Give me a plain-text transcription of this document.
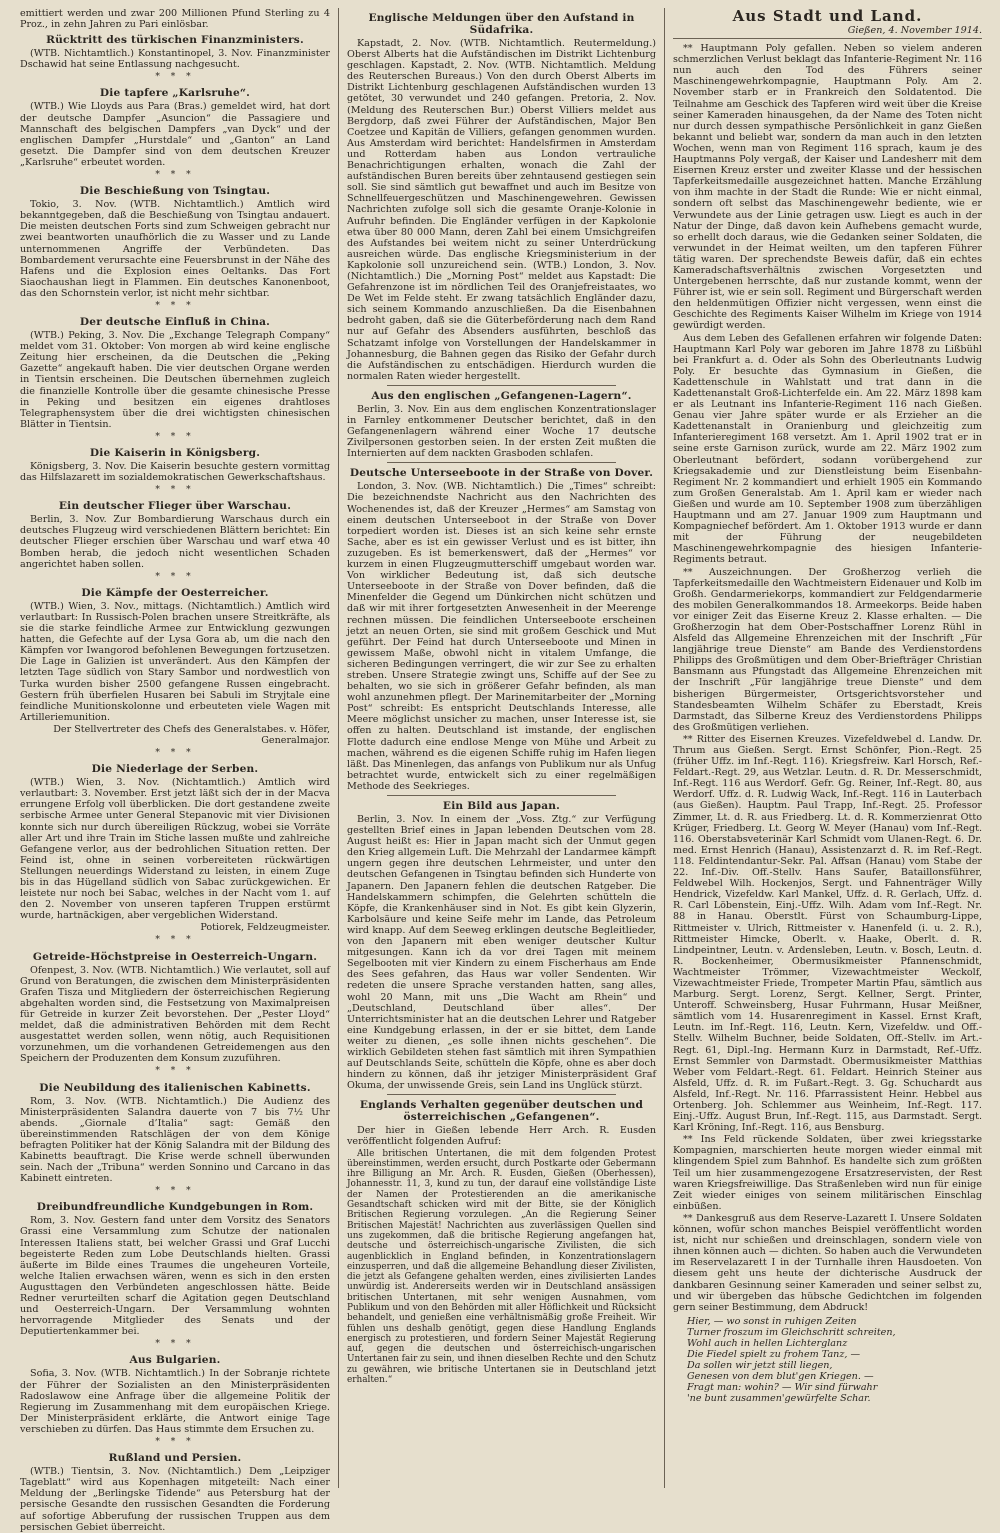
emittiert werden und zwar 200 Millionen Pfund Sterling zu 4 Proz., in zehn Jahren zu Pari einlösbar.

Rücktritt des türkischen Finanzministers.

(WTB. Nichtamtlich.) Konstantinopel, 3. Nov. Finanzminister Dschawid hat seine Entlassung nachgesucht.

* * *
Die tapfere „Karlsruhe“.

(WTB.) Wie Lloyds aus Para (Bras.) gemeldet wird, hat dort der deutsche Dampfer „Asuncion“ die Passagiere und Mannschaft des belgischen Dampfers „van Dyck“ und der englischen Dampfer „Hurstdale“ und „Ganton“ an Land gesetzt. Die Dampfer sind von dem deutschen Kreuzer „Karlsruhe“ erbeutet worden.

* * *
Die Beschießung von Tsingtau.

Tokio, 3. Nov. (WTB. Nichtamtlich.) Amtlich wird bekanntgegeben, daß die Beschießung von Tsingtau andauert. Die meisten deutschen Forts sind zum Schweigen gebracht nur zwei beantworten unaufhörlich die zu Wasser und zu Lande unternommenen Angriffe der Verbündeten. Das Bombardement verursachte eine Feuersbrunst in der Nähe des Hafens und die Explosion eines Oeltanks. Das Fort Siaochaushan liegt in Flammen. Ein deutsches Kanonenboot, das den Schornstein verlor, ist nicht mehr sichtbar.

* * *
Der deutsche Einfluß in China.

(WTB.) Peking, 3. Nov. Die „Exchange Telegraph Company“ meldet vom 31. Oktober: Von morgen ab wird keine englische Zeitung hier erscheinen, da die Deutschen die „Peking Gazette“ angekauft haben. Die vier deutschen Organe werden in Tientsin erscheinen. Die Deutschen übernehmen zugleich die finanzielle Kontrolle über die gesamte chinesische Presse in Peking und besitzen ein eigenes drahtloses Telegraphensystem über die drei wichtigsten chinesischen Blätter in Tientsin.

* * *
Die Kaiserin in Königsberg.

Königsberg, 3. Nov. Die Kaiserin besuchte gestern vormittag das Hilfslazarett im sozialdemokratischen Gewerkschaftshaus.

* * *
Ein deutscher Flieger über Warschau.

Berlin, 3. Nov. Zur Bombardierung Warschaus durch ein deutsches Flugzeug wird verschiedenen Blättern berichtet: Ein deutscher Flieger erschien über Warschau und warf etwa 40 Bomben herab, die jedoch nicht wesentlichen Schaden angerichtet haben sollen.

* * *
Die Kämpfe der Oesterreicher.

(WTB.) Wien, 3. Nov., mittags. (Nichtamtlich.) Amtlich wird verlautbart: In Russisch-Polen brachen unsere Streitkräfte, als sie die starke feindliche Armee zur Entwicklung gezwungen hatten, die Gefechte auf der Lysa Gora ab, um die nach den Kämpfen vor Iwangorod befohlenen Bewegungen fortzusetzen. Die Lage in Galizien ist unverändert. Aus den Kämpfen der letzten Tage südlich von Stary Sambor und nordwestlich von Turka wurden bisher 2500 gefangene Russen eingebracht. Gestern früh überfielen Husaren bei Sabuli im Stryjtale eine feindliche Munitionskolonne und erbeuteten viele Wagen mit Artilleriemunition.

Der Stellvertreter des Chefs des Generalstabes. v. Höfer, Generalmajor.

* * *
Die Niederlage der Serben.

(WTB.) Wien, 3. Nov. (Nichtamtlich.) Amtlich wird verlautbart: 3. November. Erst jetzt läßt sich der in der Macva errungene Erfolg voll überblicken. Die dort gestandene zweite serbische Armee unter General Stepanovic mit vier Divisionen konnte sich nur durch übereiligen Rückzug, wobei sie Vorräte aller Art und ihre Train im Stiche lassen mußte und zahlreiche Gefangene verlor, aus der bedrohlichen Situation retten. Der Feind ist, ohne in seinen vorbereiteten rückwärtigen Stellungen neuerdings Widerstand zu leisten, in einem Zuge bis in das Hügelland südlich von Sabac zurückgewichen. Er leistete nur noch bei Sabac, welches in der Nacht vom 1. auf den 2. November von unseren tapferen Truppen erstürmt wurde, hartnäckigen, aber vergeblichen Widerstand.

Potiorek, Feldzeugmeister.

* * *
Getreide-Höchstpreise in Oesterreich-Ungarn.

Ofenpest, 3. Nov. (WTB. Nichtamtlich.) Wie verlautet, soll auf Grund von Beratungen, die zwischen dem Ministerpräsidenten Grafen Tisza und Mitgliedern der österreichischen Regierung abgehalten worden sind, die Festsetzung von Maximalpreisen für Getreide in kurzer Zeit bevorstehen. Der „Pester Lloyd“ meldet, daß die administrativen Behörden mit dem Recht ausgestattet werden sollen, wenn nötig, auch Requisitionen vorzunehmen, um die vorhandenen Getreidemengen aus den Speichern der Produzenten dem Konsum zuzuführen.

* * *
Die Neubildung des italienischen Kabinetts.

Rom, 3. Nov. (WTB. Nichtamtlich.) Die Audienz des Ministerpräsidenten Salandra dauerte von 7 bis 7½ Uhr abends. „Giornale d’Italia“ sagt: Gemäß den übereinstimmenden Ratschlägen der von dem Könige befragten Politiker hat der König Salandra mit der Bildung des Kabinetts beauftragt. Die Krise werde schnell überwunden sein. Nach der „Tribuna“ werden Sonnino und Carcano in das Kabinett eintreten.

* * *
Dreibundfreundliche Kundgebungen in Rom.

Rom, 3. Nov. Gestern fand unter dem Vorsitz des Senators Grassi eine Versammlung zum Schutze der nationalen Interessen Italiens statt, bei welcher Grassi und Graf Lucchi begeisterte Reden zum Lobe Deutschlands hielten. Grassi äußerte im Bilde eines Traumes die ungeheuren Vorteile, welche Italien erwachsen wären, wenn es sich in den ersten Augusttagen den Verbündeten angeschlossen hätte. Beide Redner verurteilten scharf die Agitation gegen Deutschland und Oesterreich-Ungarn. Der Versammlung wohnten hervorragende Mitglieder des Senats und der Deputiertenkammer bei.

* * *
Aus Bulgarien.

Sofia, 3. Nov. (WTB. Nichtamtlich.) In der Sobranje richtete der Führer der Sozialisten an den Ministerpräsidenten Radoslawow eine Anfrage über die allgemeine Politik der Regierung im Zusammenhang mit dem europäischen Kriege. Der Ministerpräsident erklärte, die Antwort einige Tage verschieben zu dürfen. Das Haus stimmte dem Ersuchen zu.

* * *
Rußland und Persien.

(WTB.) Tientsin, 3. Nov. (Nichtamtlich.) Dem „Leipziger Tageblatt“ wird aus Kopenhagen mitgeteilt: Nach einer Meldung der „Berlingske Tidende“ aus Petersburg hat der persische Gesandte den russischen Gesandten die Forderung auf sofortige Abberufung der russischen Truppen aus dem persischen Gebiet überreicht.

Englische Meldungen über den Aufstand in Südafrika.

Kapstadt, 2. Nov. (WTB. Nichtamtlich. Reutermeldung.) Oberst Alberts hat die Aufständischen im Distrikt Lichtenburg geschlagen. Kapstadt, 2. Nov. (WTB. Nichtamtlich. Meldung des Reuterschen Bureaus.) Von den durch Oberst Alberts im Distrikt Lichtenburg geschlagenen Aufständischen wurden 13 getötet, 30 verwundet und 240 gefangen. Pretoria, 2. Nov. (Meldung des Reuterschen Bur.) Oberst Villiers meldet aus Bergdorp, daß zwei Führer der Aufständischen, Major Ben Coetzee und Kapitän de Villiers, gefangen genommen wurden. Aus Amsterdam wird berichtet: Handelsfirmen in Amsterdam und Rotterdam haben aus London vertrauliche Benachrichtigungen erhalten, wonach die Zahl der aufständischen Buren bereits über zehntausend gestiegen sein soll. Sie sind sämtlich gut bewaffnet und auch im Besitze von Schnellfeuergeschützen und Maschinengewehren. Gewissen Nachrichten zufolge soll sich die gesamte Oranje-Kolonie in Aufruhr befinden. Die Engländer verfügen in der Kapkolonie etwa über 80 000 Mann, deren Zahl bei einem Umsichgreifen des Aufstandes bei weitem nicht zu seiner Unterdrückung ausreichen würde. Das englische Kriegsministerium in der Kapkolonie soll unzureichend sein. (WTB.) London, 3. Nov. (Nichtamtlich.) Die „Morning Post“ meldet aus Kapstadt: Die Gefahrenzone ist im nördlichen Teil des Oranjefreistaates, wo De Wet im Felde steht. Er zwang tatsächlich Engländer dazu, sich seinem Kommando anzuschließen. Da die Eisenbahnen bedroht gaben, daß sie die Güterbeförderung nach dem Rand nur auf Gefahr des Absenders ausführten, beschloß das Schatzamt infolge von Vorstellungen der Handelskammer in Johannesburg, die Bahnen gegen das Risiko der Gefahr durch die Aufständischen zu entschädigen. Hierdurch wurden die normalen Raten wieder hergestellt.

Aus den englischen „Gefangenen-Lagern“.

Berlin, 3. Nov. Ein aus dem englischen Konzentrationslager in Farnley entkommener Deutscher berichtet, daß in den Gefangenenlagern während einer Woche 17 deutsche Zivilpersonen gestorben seien. In der ersten Zeit mußten die Internierten auf dem nackten Grasboden schlafen.

Deutsche Unterseeboote in der Straße von Dover.

London, 3. Nov. (WB. Nichtamtlich.) Die „Times“ schreibt: Die bezeichnendste Nachricht aus den Nachrichten des Wochenendes ist, daß der Kreuzer „Hermes“ am Samstag von einem deutschen Unterseeboot in der Straße von Dover torpediert worden ist. Dieses ist an sich keine sehr ernste Sache, aber es ist ein gewisser Verlust und es ist bitter, ihn zuzugeben. Es ist bemerkenswert, daß der „Hermes“ vor kurzem in einen Flugzeugmutterschiff umgebaut worden war. Von wirklicher Bedeutung ist, daß sich deutsche Unterseeboote in der Straße von Dover befinden, daß die Minenfelder die Gegend um Dünkirchen nicht schützen und daß wir mit ihrer fortgesetzten Anwesenheit in der Meerenge rechnen müssen. Die feindlichen Unterseeboote erscheinen jetzt an neuen Orten, sie sind mit großem Geschick und Mut geführt. Der Feind hat durch Unterseeboote und Minen in gewissem Maße, obwohl nicht in vitalem Umfange, die sicheren Bedingungen verringert, die wir zur See zu erhalten streben. Unsere Strategie zwingt uns, Schiffe auf der See zu behalten, wo sie sich in größerer Gefahr befinden, als man wohl anzunehmen pflegt. Der Marinemitarbeiter der „Morning Post“ schreibt: Es entspricht Deutschlands Interesse, alle Meere möglichst unsicher zu machen, unser Interesse ist, sie offen zu halten. Deutschland ist imstande, der englischen Flotte dadurch eine endlose Menge von Mühe und Arbeit zu machen, während es die eigenen Schiffe ruhig im Hafen liegen läßt. Das Minenlegen, das anfangs von Publikum nur als Unfug betrachtet wurde, entwickelt sich zu einer regelmäßigen Methode des Seekrieges.

Ein Bild aus Japan.

Berlin, 3. Nov. In einem der „Voss. Ztg.“ zur Verfügung gestellten Brief eines in Japan lebenden Deutschen vom 28. August heißt es: Hier in Japan macht sich der Unmut gegen den Krieg allgemein Luft. Die Mehrzahl der Landarmee kämpft ungern gegen ihre deutschen Lehrmeister, und unter den deutschen Gefangenen in Tsingtau befinden sich Hunderte von Japanern. Den Japanern fehlen die deutschen Ratgeber. Die Handelskammern schimpfen, die Gelehrten schütteln die Köpfe, die Krankenhäuser sind in Not. Es gibt kein Glyzerin, Karbolsäure und keine Seife mehr im Lande, das Petroleum wird knapp. Auf dem Seeweg erklingen deutsche Begleitlieder, von den Japanern mit eben weniger deutscher Kultur mitgesungen. Kann ich da vor drei Tagen mit meinem Segelbooten mit vier Kindern zu einem Fischerhaus am Ende des Sees gefahren, das Haus war voller Sendenten. Wir redeten die unsere Sprache verstanden hatten, sang alles, wohl 20 Mann, mit uns „Die Wacht am Rhein“ und „Deutschland, Deutschland über alles“. Der Unterrichtsminister hat an die deutschen Lehrer und Ratgeber eine Kundgebung erlassen, in der er sie bittet, dem Lande weiter zu dienen, „es solle ihnen nichts geschehen“. Die wirklich Gebildeten stehen fast sämtlich mit ihren Sympathien auf Deutschlands Seite, schütteln die Köpfe, ohne es aber doch hindern zu können, daß ihr jetziger Ministerpräsident Graf Okuma, der unwissende Greis, sein Land ins Unglück stürzt.

Englands Verhalten gegenüber deutschen und österreichischen „Gefangenen“.

Der hier in Gießen lebende Herr Arch. R. Eusden veröffentlicht folgenden Aufruf:

Alle britischen Untertanen, die mit dem folgenden Protest übereinstimmen, werden ersucht, durch Postkarte oder Gebermann ihre Billigung an Mr. Arch. R. Eusden, Gießen (Oberhessen), Johannesstr. 11, 3, kund zu tun, der darauf eine vollständige Liste der Namen der Protestierenden an die amerikanische Gesandtschaft schicken wird mit der Bitte, sie der Königlich Britischen Regierung vorzulegen. „An die Regierung Seiner Britischen Majestät! Nachrichten aus zuverlässigen Quellen sind uns zugekommen, daß die britische Regierung angefangen hat, deutsche und österreichisch-ungarische Zivilisten, die sich augenblicklich in England befinden, in Konzentrationslagern einzusperren, und daß die allgemeine Behandlung dieser Zivilisten, die jetzt als Gefangene gehalten werden, eines zivilisierten Landes unwürdig ist. Andererseits werden wir in Deutschland ansässigen britischen Untertanen, mit sehr wenigen Ausnahmen, vom Publikum und von den Behörden mit aller Höflichkeit und Rücksicht behandelt, und genießen eine verhältnismäßig große Freiheit. Wir fühlen uns deshalb genötigt, gegen diese Handlung Englands energisch zu protestieren, und fordern Seiner Majestät Regierung auf, gegen die deutschen und österreichisch-ungarischen Untertanen fair zu sein, und ihnen dieselben Rechte und den Schutz zu gewähren, wie britische Untertanen sie in Deutschland jetzt erhalten.“

Aus Stadt und Land.
Gießen, 4. November 1914.

** Hauptmann Poly gefallen. Neben so vielem anderen schmerzlichen Verlust beklagt das Infanterie-Regiment Nr. 116 nun auch den Tod des Führers seiner Maschinengewehrkompagnie, Hauptmann Poly. Am 2. November starb er in Frankreich den Soldatentod. Die Teilnahme am Geschick des Tapferen wird weit über die Kreise seiner Kameraden hinausgehen, da der Name des Toten nicht nur durch dessen sympathische Persönlichkeit in ganz Gießen bekannt und beliebt war, sondern da man auch in den letzten Wochen, wenn man von Regiment 116 sprach, kaum je des Hauptmanns Poly vergaß, der Kaiser und Landesherr mit dem Eisernen Kreuz erster und zweiter Klasse und der hessischen Tapferkeitsmedaille ausgezeichnet hatten. Manche Erzählung von ihm machte in der Stadt die Runde: Wie er nicht einmal, sondern oft selbst das Maschinengewehr bediente, wie er Verwundete aus der Linie getragen usw. Liegt es auch in der Natur der Dinge, daß davon kein Aufhebens gemacht wurde, so erhellt doch daraus, wie die Gedanken seiner Soldaten, die verwundet in der Heimat weilten, um den tapferen Führer tätig waren. Der sprechendste Beweis dafür, daß ein echtes Kameradschaftsverhältnis zwischen Vorgesetzten und Untergebenen herrschte, daß nur zustande kommt, wenn der Führer ist, wie er sein soll. Regiment und Bürgerschaft werden den heldenmütigen Offizier nicht vergessen, wenn einst die Geschichte des Regiments Kaiser Wilhelm im Kriege von 1914 gewürdigt werden.

Aus dem Leben des Gefallenen erfahren wir folgende Daten: Hauptmann Karl Poly war geboren im Jahre 1878 zu Lißbühl bei Frankfurt a. d. Oder als Sohn des Oberleutnants Ludwig Poly. Er besuchte das Gymnasium in Gießen, die Kadettenschule in Wahlstatt und trat dann in die Kadettenanstalt Groß-Lichterfelde ein. Am 22. März 1898 kam er als Leutnant ins Infanterie-Regiment 116 nach Gießen. Genau vier Jahre später wurde er als Erzieher an die Kadettenanstalt in Oranienburg und gleichzeitig zum Infanterieregiment 168 versetzt. Am 1. April 1902 trat er in seine erste Garnison zurück, wurde am 22. März 1902 zum Oberleutnant befördert, sodann vorübergehend zur Kriegsakademie und zur Dienstleistung beim Eisenbahn-Regiment Nr. 2 kommandiert und erhielt 1905 ein Kommando zum Großen Generalstab. Am 1. April kam er wieder nach Gießen und wurde am 10. September 1908 zum überzähligen Hauptmann und am 27. Januar 1909 zum Hauptmann und Kompagniechef befördert. Am 1. Oktober 1913 wurde er dann mit der Führung der neugebildeten Maschinengewehrkompagnie des hiesigen Infanterie-Regiments betraut.

** Auszeichnungen. Der Großherzog verlieh die Tapferkeitsmedaille den Wachtmeistern Eidenauer und Kolb im Großh. Gendarmeriekorps, kommandiert zur Feldgendarmerie des mobilen Generalkommandos 18. Armeekorps. Beide haben vor einiger Zeit das Eiserne Kreuz 2. Klasse erhalten. — Die Großherzogin hat dem Ober-Postschaffner Lorenz Rühl in Alsfeld das Allgemeine Ehrenzeichen mit der Inschrift „Für langjährige treue Dienste“ am Bande des Verdienstordens Philipps des Großmütigen und dem Ober-Briefträger Christian Bansmann aus Pfungstadt das Allgemeine Ehrenzeichen mit der Inschrift „Für langjährige treue Dienste“ und dem bisherigen Bürgermeister, Ortsgerichtsvorsteher und Standesbeamten Wilhelm Schäfer zu Eberstadt, Kreis Darmstadt, das Silberne Kreuz des Verdienstordens Philipps des Großmütigen verliehen.

** Ritter des Eisernen Kreuzes. Vizefeldwebel d. Landw. Dr. Thrum aus Gießen. Sergt. Ernst Schönfer, Pion.-Regt. 25 (früher Uffz. im Inf.-Regt. 116). Kriegsfreiw. Karl Horsch, Ref.-Feldart.-Regt. 29, aus Wetzlar. Leutn. d. R. Dr. Messerschmidt, Inf.-Regt. 116 aus Werdorf. Gefr. Gg. Reiner, Inf.-Regt. 80, aus Werdorf. Uffz. d. R. Ludwig Wack, Inf.-Regt. 116 in Lauterbach (aus Gießen). Hauptm. Paul Trapp, Inf.-Regt. 25. Professor Zimmer, Lt. d. R. aus Friedberg. Lt. d. R. Kommerzienrat Otto Krüger, Friedberg. Lt. Georg W. Meyer (Hanau) vom Inf.-Regt. 116. Oberstabsveterinär Karl Schmidt vom Ulanen-Regt. 6. Dr. med. Ernst Henrich (Hanau), Assistenzarzt d. R. im Ref.-Regt. 118. Feldintendantur-Sekr. Pal. Affsan (Hanau) vom Stabe der 22. Inf.-Div. Off.-Stellv. Hans Saufer, Bataillonsführer, Feldwebel Wilh. Hockenjos, Sergt. und Fahnenträger Willy Hendrick, Vizefeldw. Karl Mankel, Uffz. d. R. Gerlach, Uffz. d. R. Carl Löbenstein, Einj.-Uffz. Wilh. Adam vom Inf.-Regt. Nr. 88 in Hanau. Oberstlt. Fürst von Schaumburg-Lippe, Rittmeister v. Ulrich, Rittmeister v. Hanenfeld (i. u. 2. R.), Rittmeister Himcke, Oberlt. v. Haake, Oberlt. d. R. Lindpeintner, Leutn. v. Ardensleben, Leutn. v. Bosch, Leutn. d. R. Bockenheimer, Obermusikmeister Pfannenschmidt, Wachtmeister Trömmer, Vizewachtmeister Weckolf, Vizewachtmeister Friede, Trompeter Martin Pfau, sämtlich aus Marburg. Sergt. Lorenz, Sergt. Kellner, Sergt. Printer, Unteroff. Schweinsberg, Husar Fuhrmann, Husar Meißner, sämtlich vom 14. Husarenregiment in Kassel. Ernst Kraft, Leutn. im Inf.-Regt. 116, Leutn. Kern, Vizefeldw. und Off.-Stellv. Wilhelm Buchner, beide Soldaten, Off.-Stellv. im Art.-Regt. 61, Dipl.-Ing. Hermann Kurz in Darmstadt, Ref.-Uffz. Ernst Semmler von Darmstadt. Obermusikmeister Matthias Weber vom Feldart.-Regt. 61. Feldart. Heinrich Steiner aus Alsfeld, Uffz. d. R. im Fußart.-Regt. 3. Gg. Schuchardt aus Alsfeld, Inf.-Regt. Nr. 116. Pfarrassistent Heinr. Hebbel aus Ortenberg. Joh. Schlemmer aus Weinheim, Inf.-Regt. 117. Einj.-Uffz. August Brun, Inf.-Regt. 115, aus Darmstadt. Sergt. Karl Kröning, Inf.-Regt. 116, aus Bensburg.

** Ins Feld rückende Soldaten, über zwei kriegsstarke Kompagnien, marschierten heute morgen wieder einmal mit klingendem Spiel zum Bahnhof. Es handelte sich zum größten Teil um hier zusammengezogene Ersatzreservisten, der Rest waren Kriegsfreiwillige. Das Straßenleben wird nun für einige Zeit wieder einiges von seinem militärischen Einschlag einbüßen.

** Dankesgruß aus dem Reserve-Lazarett I. Unsere Soldaten können, wofür schon manches Beispiel veröffentlicht worden ist, nicht nur schießen und dreinschlagen, sondern viele von ihnen können auch — dichten. So haben auch die Verwundeten im Reservelazarett I in der Turnhalle ihren Hausdoeten. Von diesem geht uns heute der dichterische Ausdruck der dankbaren Gesinnung seiner Kameraden und seiner selbst zu, und wir übergeben das hübsche Gedichtchen im folgenden gern seiner Bestimmung, dem Abdruck!

Hier, — wo sonst in ruhigen Zeiten
Turner froszum im Gleichschritt schreiten,
Wohl auch in hellen Lichterglanz
Die Fiedel spielt zu frohem Tanz, —
Da sollen wir jetzt still liegen,
Genesen von dem blut'gen Kriegen. —
Fragt man: wohin? — Wir sind fürwahr
'ne bunt zusammen'gewürfelte Schar.
